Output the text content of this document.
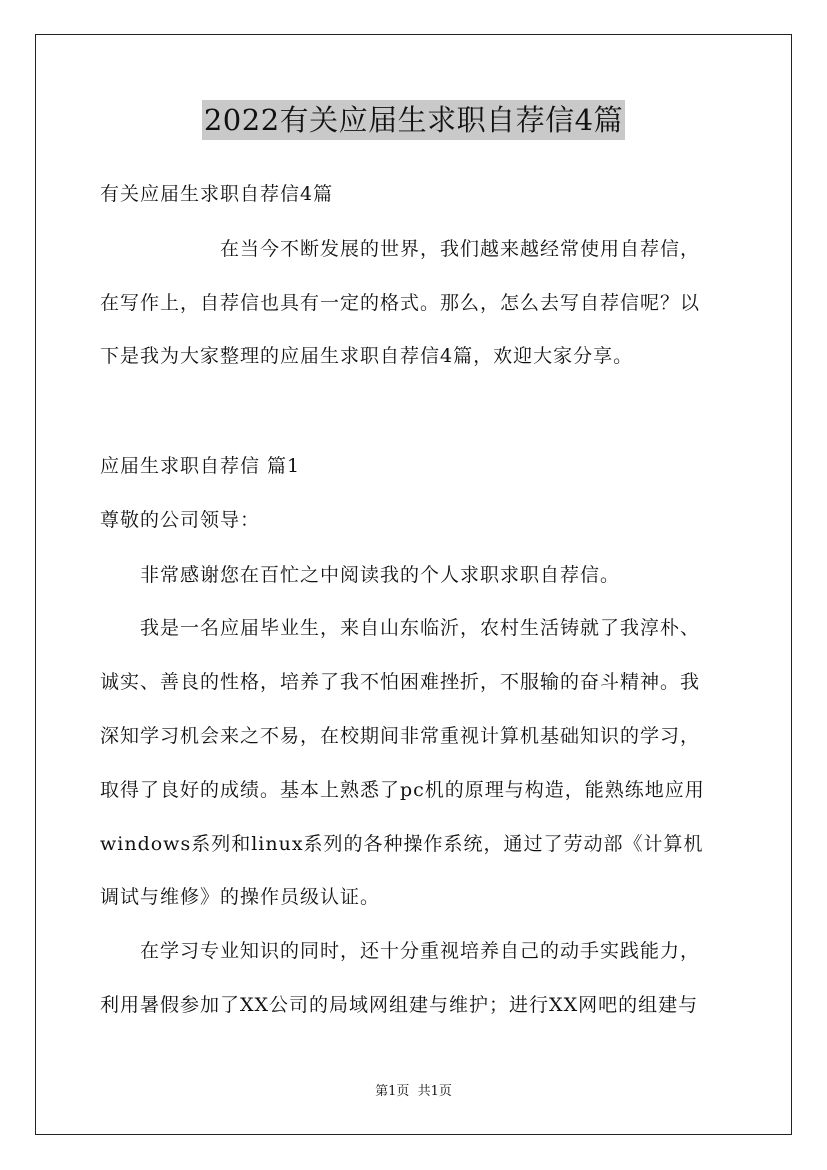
2022有关应届生求职自荐信4篇
有关应届生求职自荐信4篇
　　　　　　在当今不断发展的世界，我们越来越经常使用自荐信，
在写作上，自荐信也具有一定的格式。那么，怎么去写自荐信呢？以
下是我为大家整理的应届生求职自荐信4篇，欢迎大家分享。
应届生求职自荐信 篇1
尊敬的公司领导：
　　非常感谢您在百忙之中阅读我的个人求职求职自荐信。
　　我是一名应届毕业生，来自山东临沂，农村生活铸就了我淳朴、
诚实、善良的性格，培养了我不怕困难挫折，不服输的奋斗精神。我
深知学习机会来之不易，在校期间非常重视计算机基础知识的学习，
取得了良好的成绩。基本上熟悉了pc机的原理与构造，能熟练地应用
windows系列和linux系列的各种操作系统，通过了劳动部《计算机
调试与维修》的操作员级认证。
　　在学习专业知识的同时，还十分重视培养自己的动手实践能力，
利用暑假参加了XX公司的局域网组建与维护；进行XX网吧的组建与
第1页  共1页
